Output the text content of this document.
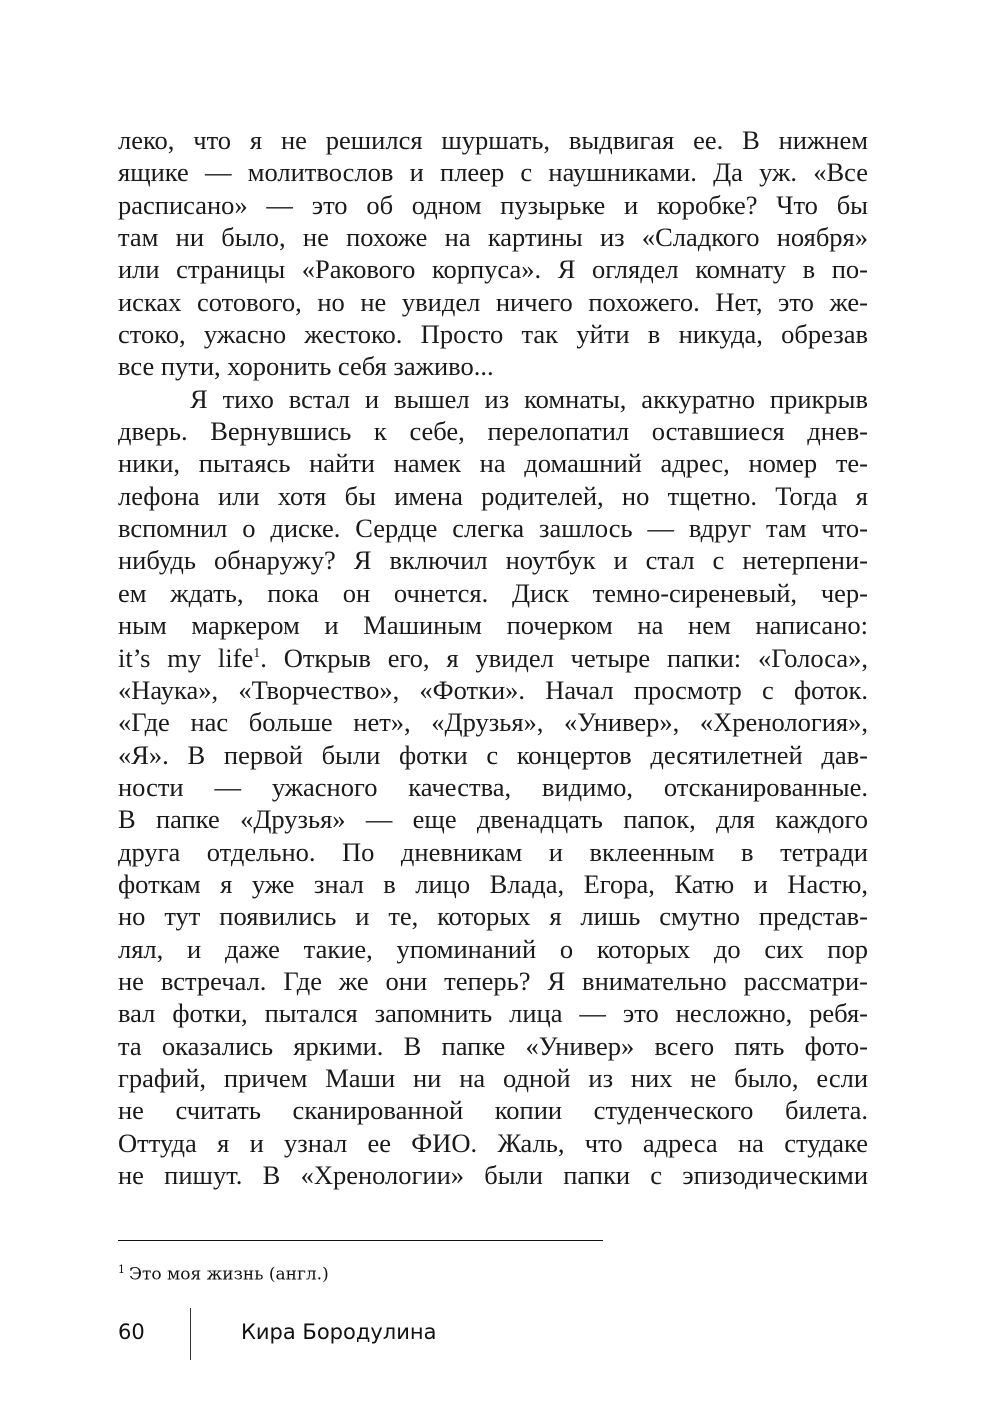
леко, что я не решился шуршать, выдвигая ее. В нижнем
ящике — молитвослов и плеер с наушниками. Да уж. «Все
расписано» — это об одном пузырьке и коробке? Что бы
там ни было, не похоже на картины из «Сладкого ноября»
или страницы «Ракового корпуса». Я оглядел комнату в по-
исках сотового, но не увидел ничего похожего. Нет, это же-
стоко, ужасно жестоко. Просто так уйти в никуда, обрезав
все пути, хоронить себя заживо...
Я тихо встал и вышел из комнаты, аккуратно прикрыв
дверь. Вернувшись к себе, перелопатил оставшиеся днев-
ники, пытаясь найти намек на домашний адрес, номер те-
лефона или хотя бы имена родителей, но тщетно. Тогда я
вспомнил о диске. Сердце слегка зашлось — вдруг там что-
нибудь обнаружу? Я включил ноутбук и стал с нетерпени-
ем ждать, пока он очнется. Диск темно-сиреневый, чер-
ным маркером и Машиным почерком на нем написано:
it’s my life$^1$. Открыв его, я увидел четыре папки: «Голоса»,
«Наука», «Творчество», «Фотки». Начал просмотр с фоток.
«Где нас больше нет», «Друзья», «Универ», «Хренология»,
«Я». В первой были фотки с концертов десятилетней дав-
ности — ужасного качества, видимо, отсканированные.
В папке «Друзья» — еще двенадцать папок, для каждого
друга отдельно. По дневникам и вклеенным в тетради
фоткам я уже знал в лицо Влада, Егора, Катю и Настю,
но тут появились и те, которых я лишь смутно представ-
лял, и даже такие, упоминаний о которых до сих пор
не встречал. Где же они теперь? Я внимательно рассматри-
вал фотки, пытался запомнить лица — это несложно, ребя-
та оказались яркими. В папке «Универ» всего пять фото-
графий, причем Маши ни на одной из них не было, если
не считать сканированной копии студенческого билета.
Оттуда я и узнал ее ФИО. Жаль, что адреса на студаке
не пишут. В «Хренологии» были папки с эпизодическими
$^1$ Это моя жизнь (англ.)
60	Кира Бородулина
